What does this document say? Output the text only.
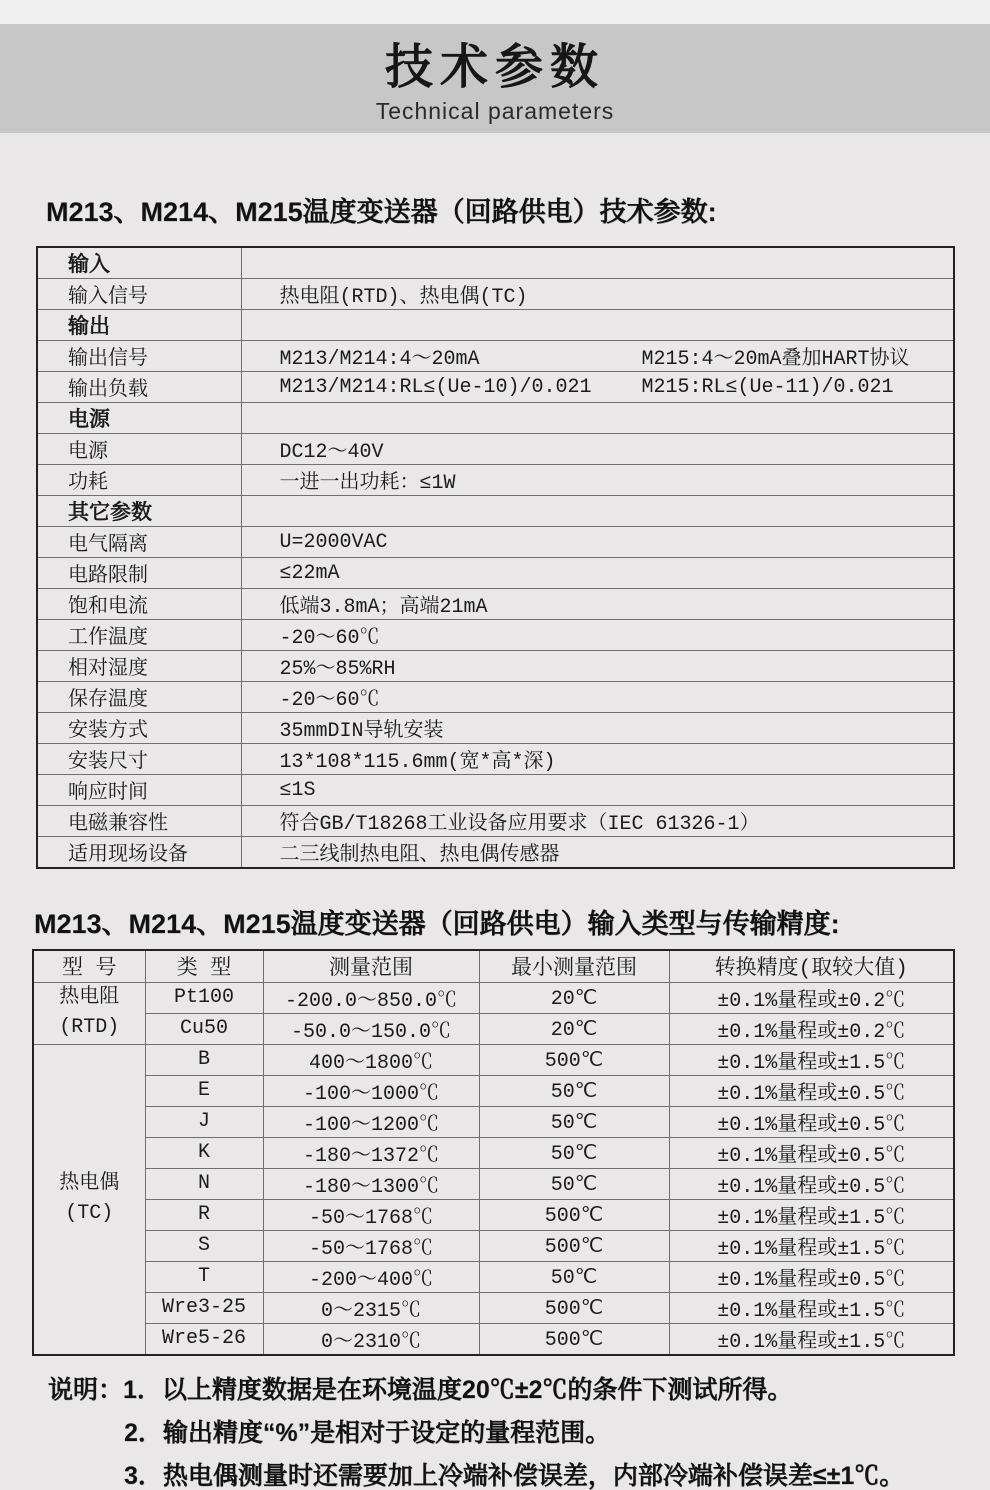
技术参数
Technical parameters
M213、M214、M215温度变送器（回路供电）技术参数:
输入	
输入信号	热电阻(RTD)、热电偶(TC)
输出	
输出信号	M213/M214:4～20mA M215:4～20mA叠加HART协议
输出负载	M213/M214:RL≤(Ue-10)/0.021 M215:RL≤(Ue-11)/0.021
电源	
电源	DC12～40V
功耗	一进一出功耗：≤1W
其它参数	
电气隔离	U=2000VAC
电路限制	≤22mA
饱和电流	低端3.8mA；高端21mA
工作温度	-20～60℃
相对湿度	25%～85%RH
保存温度	-20～60℃
安装方式	35mmDIN导轨安装
安装尺寸	13*108*115.6mm(宽*高*深)
响应时间	≤1S
电磁兼容性	符合GB/T18268工业设备应用要求（IEC 61326-1）
适用现场设备	二三线制热电阻、热电偶传感器
M213、M214、M215温度变送器（回路供电）输入类型与传输精度:
型 号	类 型	测量范围	最小测量范围	转换精度(取较大值)

热电阻
(RTD)	Pt100	-200.0～850.0℃	20℃	±0.1%量程或±0.2℃
	Cu50	-50.0～150.0℃	20℃	±0.1%量程或±0.2℃

热电偶
(TC)	B	400～1800℃	500℃	±0.1%量程或±1.5℃
	E	-100～1000℃	50℃	±0.1%量程或±0.5℃
	J	-100～1200℃	50℃	±0.1%量程或±0.5℃
	K	-180～1372℃	50℃	±0.1%量程或±0.5℃
	N	-180～1300℃	50℃	±0.1%量程或±0.5℃
	R	-50～1768℃	500℃	±0.1%量程或±1.5℃
	S	-50～1768℃	500℃	±0.1%量程或±1.5℃
	T	-200～400℃	50℃	±0.1%量程或±0.5℃
	Wre3-25	0～2315℃	500℃	±0.1%量程或±1.5℃
	Wre5-26	0～2310℃	500℃	±0.1%量程或±1.5℃
说明：1．以上精度数据是在环境温度20℃±2℃的条件下测试所得。
2．输出精度“%”是相对于设定的量程范围。
3．热电偶测量时还需要加上冷端补偿误差，内部冷端补偿误差≤±1℃。
